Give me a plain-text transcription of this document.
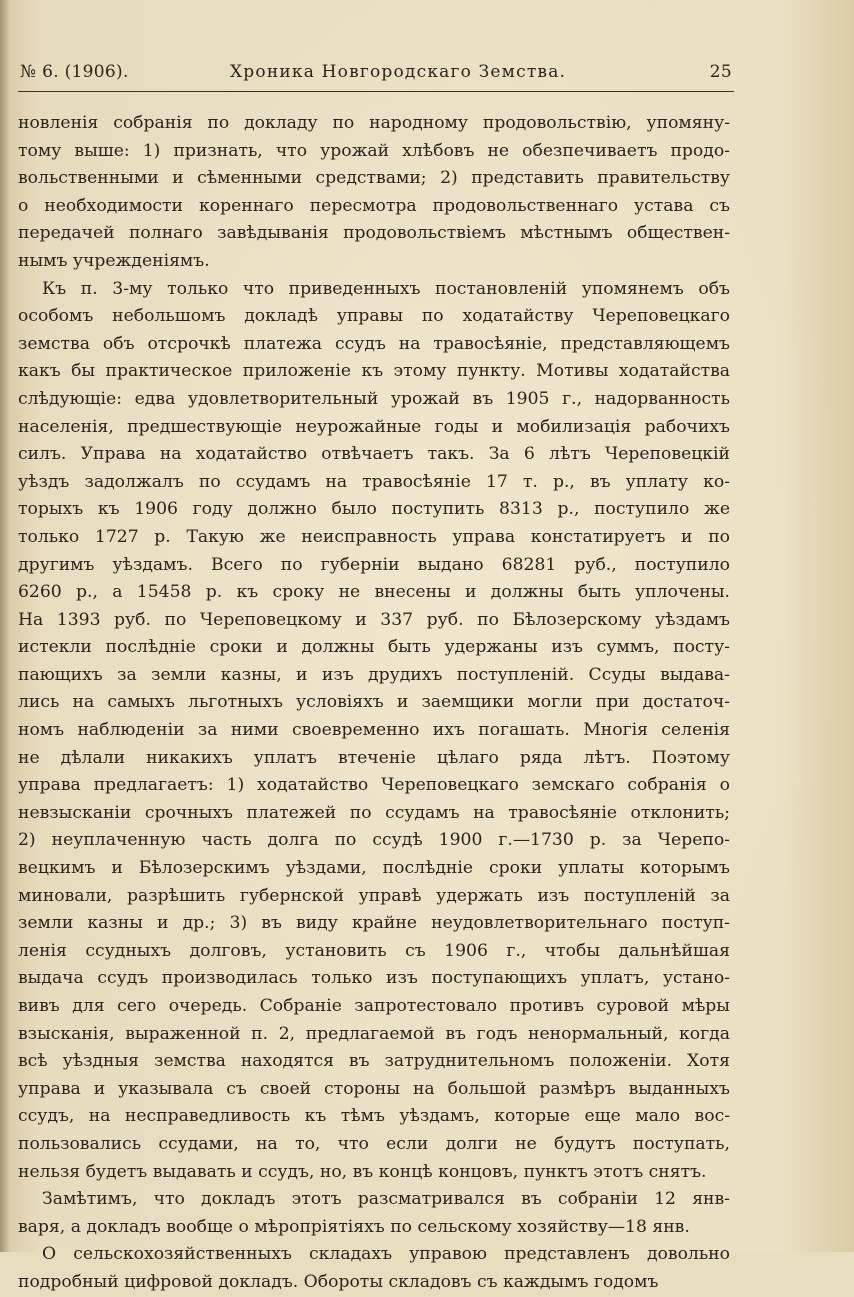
№ 6. (1906).	Хроника Новгородскаго Земства.	25
новленія собранія по докладу по народному продовольствію, упомяну-
тому выше: 1) признать, что урожай хлѣбовъ не обезпечиваетъ продо-
вольственными и сѣменными средствами; 2) представить правительству
о необходимости кореннаго пересмотра продовольственнаго устава съ
передачей полнаго завѣдыванія продовольствіемъ мѣстнымъ обществен-
нымъ учрежденіямъ.
Къ п. 3-му только что приведенныхъ постановленій упомянемъ объ
особомъ небольшомъ докладѣ управы по ходатайству Череповецкаго
земства объ отсрочкѣ платежа ссудъ на травосѣяніе, представляющемъ
какъ бы практическое приложеніе къ этому пункту. Мотивы ходатайства
слѣдующіе: едва удовлетворительный урожай въ 1905 г., надорванность
населенія, предшествующіе неурожайные годы и мобилизація рабочихъ
силъ. Управа на ходатайство отвѣчаетъ такъ. За 6 лѣтъ Череповецкій
уѣздъ задолжалъ по ссудамъ на травосѣяніе 17 т. р., въ уплату ко-
торыхъ къ 1906 году должно было поступить 8313 р., поступило же
только 1727 р. Такую же неисправность управа констатируетъ и по
другимъ уѣздамъ. Всего по губерніи выдано 68281 руб., поступило
6260 р., а 15458 р. къ сроку не внесены и должны быть уплочены.
На 1393 руб. по Череповецкому и 337 руб. по Бѣлозерскому уѣздамъ
истекли послѣдніе сроки и должны быть удержаны изъ суммъ, посту-
пающихъ за земли казны, и изъ друдихъ поступленій. Ссуды выдава-
лись на самыхъ льготныхъ условіяхъ и заемщики могли при достаточ-
номъ наблюденіи за ними своевременно ихъ погашать. Многія селенія
не дѣлали никакихъ уплатъ втеченіе цѣлаго ряда лѣтъ. Поэтому
управа предлагаетъ: 1) ходатайство Череповецкаго земскаго собранія о
невзысканіи срочныхъ платежей по ссудамъ на травосѣяніе отклонить;
2) неуплаченную часть долга по ссудѣ 1900 г.—1730 р. за Черепо-
вецкимъ и Бѣлозерскимъ уѣздами, послѣдніе сроки уплаты которымъ
миновали, разрѣшить губернской управѣ удержать изъ поступленій за
земли казны и др.; 3) въ виду крайне неудовлетворительнаго поступ-
ленія ссудныхъ долговъ, установить съ 1906 г., чтобы дальнѣйшая
выдача ссудъ производилась только изъ поступающихъ уплатъ, устано-
вивъ для сего очередь. Собраніе запротестовало противъ суровой мѣры
взысканія, выраженной п. 2, предлагаемой въ годъ ненормальный, когда
всѣ уѣздныя земства находятся въ затруднительномъ положеніи. Хотя
управа и указывала съ своей стороны на большой размѣръ выданныхъ
ссудъ, на несправедливость къ тѣмъ уѣздамъ, которые еще мало вос-
пользовались ссудами, на то, что если долги не будутъ поступать,
нельзя будетъ выдавать и ссудъ, но, въ концѣ концовъ, пунктъ этотъ снятъ.
Замѣтимъ, что докладъ этотъ разсматривался въ собраніи 12 янв-
варя, а докладъ вообще о мѣропріятіяхъ по сельскому хозяйству—18 янв.
О сельскохозяйственныхъ складахъ управою представленъ довольно
подробный цифровой докладъ. Обороты складовъ съ каждымъ годомъ
